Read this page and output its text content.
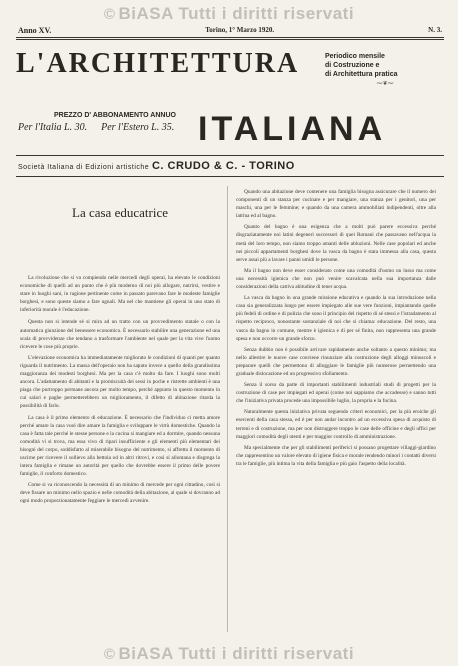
© BiASA Tutti i diritti riservati
Anno XV.	Torino, 1° Marzo 1920.	N. 3.
L'ARCHITETTURA	Periodico mensile
di Costruzione e
di Architettura pratica
⁓❦⁓
PREZZO D' ABBONAMENTO ANNUO
Per l'Italia L. 30. Per l'Estero L. 35. ITALIANA
Società Italiana di Edizioni artistiche C. CRUDO & C. - TORINO
La casa educatrice

La rivoluzione che si va compiendo nelle mercedi degli operai, ha elevato le condizioni economiche di quelli ad un punto che è più moderno di noi più allogare, nutrirsi, vestire e stare in luoghi sani, in ragione pertinente come in passato parevano fare le modeste famiglie borghesi, e sono queste siamo a fare ugnali. Ma nel che mantiene gli operai in uno stato di inferiorità morale è l'educazione.

Questa non si intende sé si mira ad un tratto con un provvedimento statale o con la automatica giunzione del benessere economico. È necessario stabilire una generazione ed una scala di provvidenze che tendano a trasformare l'ambiente nel quale per la vita vive l'uomo ricevere le cose più proprie.

L'elevazione economica ha immediatamente migliorato le condizioni di quanti per quanto riguarda il nutrimento. La massa dell'operaio non ha saputo invece a quello della grandissima maggioranza dei modesti borghesi. Ma per la casa c'è molto da fare. I luoghi sono molti ancora. L'adattamento di abitanti e la promiscuità dei sessi in poche e ristrette ambienti è una piaga che purtroppo permane ancora per molto tempo, perché appunto in questo momento in cui salari e paghe permetterebbero un miglioramento, il difetto di abitazione ritarda la possibilità di farlo.

La casa è il primo elemento di educazione. È necessario che l'individuo ci metta amore perché amare la casa vuol dire amare la famiglia e sviluppare le virtù domestiche. Quando la casa è fatta tale perché le stesse persone e la cucina si mangiare ed a dormire, quando nessuna comodità vi si trova, ma essa vivo di ripari insufficiente e gli elementi più elementari dei bisogni del corpo, soddisfatto al miserabile bisogno del nutrimento, si affretta il momento di uscirne per ricevere il sollievo alla bettola od in altri ritrovi, e così si allontana e disgrega la intera famiglia e rimane un autorità per quello che dovrebbe essere il primo delle povere famiglie, il conforto domestico.

Come si va riconoscendo la necessità di un minimo di mercede per ogni cittadino, così si deve fissare un minimo nello spazio e nelle comodità della abitazione, al quale si dovranno ad ogni modo proporzionatamente feggiare le mercedi avvenire.

Quando una abitazione deve contenere una famiglia bisogna assicurare che il numero dei componenti di un stanza per cucinare e per mangiare, una stanza per i genitori, una per maschi, una per le femmine; e quando da una camera ammobiliati indipendenti, oltre alla latrina ed al bagno.

Quanto del bagno è una esigenza che a molti può parere eccessiva perché disgraziatamente noi latini degeneri successori di quei Romani che passavano nell'acqua la metà del loro tempo, non siamo troppo amanti delle abluzioni. Nelle case popolari ed anche nei piccoli appartamenti borghesi dove la vasca da bagno è stata immessa alla casa, questa serve assai più a lavare i panni umidi le persone.

Ma il bagno non deve esser considerato come una comodità d'uomo un lusso ma come una necessità igienica che non può venire scavalcata nella sua importanza dalle considerazioni della cattiva abitudine di tener acqua.

La vasca da bagno in una grande missione educativa e quando la sua introduzione nella casa sia generalizzata lungo per essere impiegato alle sue vere funzioni, impiantando quelle più fedeli di ordine e di pulizia che sono il principio del rispetto di sé stessi e l'istradamento al rispetto reciproco, nonostante sostanziale di noi che si chiama: educazione. Del resto, una vasca da bagno in comune, mentre è igienica e di per sé finita, non rappresenta una grande spesa e non occorre un grande sforzo.

Senza dubbio non è possibile arrivare rapidamente anche soltanto a questo minimo; ma nello allestire le nuove case conviene rinunziare alla costruzione degli alloggi minuscoli e preparare quelli che permettono di alloggiare le famiglie più numerose permettendo una graduale dislocazione ed un progressivo sfollamento.

Senza il sorso da parte di importanti stabilimenti industriali studi di progetti per la costruzione di case per impiegati ed operai (come noi sappiamo che accadesse) e sanno tutti che l'iniziativa privata procede una impossibile luglio, la propria e la fucina.

Naturalmente questa iniziativa privata seguendo criteri economici, per la più eroiche gli esercenti della casa stessa, ed è per non andar incontro ad un eccessiva spesa di acquisto di terreni e di costruzione, ma per non distruggere troppo le case delle officine e degli uffici per maggiori comodità degli utenti e per maggior controllo di amministrazione.

Ma specialmente che per gli stabilimenti periferici si possano progettare villaggi-giardino che rappresentino un valore elevato di igiene fisica e morale rendendo minori i contatti diversi tra le famiglie, più intima la vita della famiglia e più gaio l'aspetto della località.

© BiASA Tutti i diritti riservati
